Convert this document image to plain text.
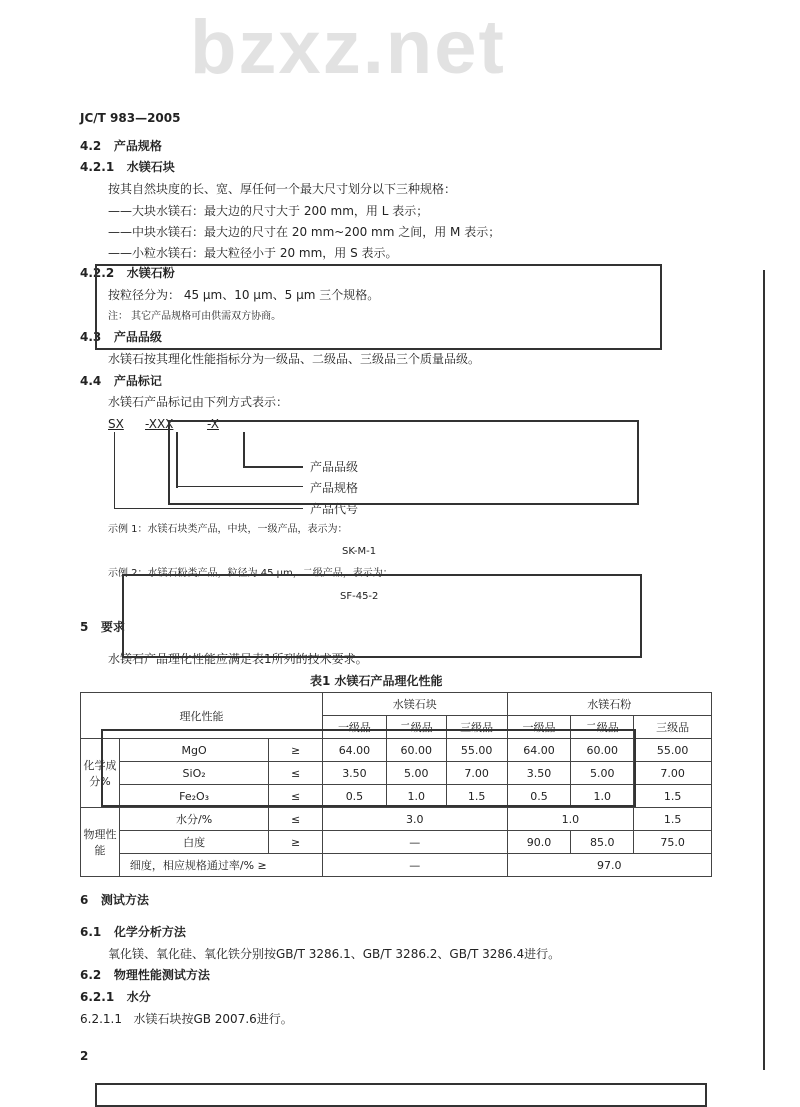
bzxz.net
JC/T 983—2005
4.2 产品规格
4.2.1 水镁石块
按其自然块度的长、宽、厚任何一个最大尺寸划分以下三种规格：
——大块水镁石：最大边的尺寸大于 200 mm，用 L 表示；
——中块水镁石：最大边的尺寸在 20 mm~200 mm 之间，用 M 表示；
——小粒水镁石：最大粒径小于 20 mm，用 S 表示。
4.2.2 水镁石粉
按粒径分为： 45 μm、10 μm、5 μm 三个规格。
注： 其它产品规格可由供需双方协商。
4.3 产品品级
水镁石按其理化性能指标分为一级品、二级品、三级品三个质量品级。
4.4 产品标记
水镁石产品标记由下列方式表示：
SX -XXX	-X
产品品级
产品规格
产品代号
示例 1：水镁石块类产品，中块，一级产品，表示为：
SK-M-1
示例 2：水镁石粉类产品，粒径为 45 μm，二级产品，表示为：
SF-45-2
5 要求
水镁石产品理化性能应满足表1所列的技术要求。
表1 水镁石产品理化性能
理化性能			水镁石块			水镁石粉		
			一级品	二级品	三级品	一级品	二级品	三级品
化学成分%	MgO	≥	64.00	60.00	55.00	64.00	60.00	55.00
	SiO₂	≤	3.50	5.00	7.00	3.50	5.00	7.00
	Fe₂O₃	≤	0.5	1.0	1.5	0.5	1.0	1.5
物理性能	水分/%	≤	3.0			1.0		1.5
	白度	≥	—			90.0	85.0	75.0
	细度，相应规格通过率/% ≥		—			97.0		
6 测试方法
6.1 化学分析方法
氧化镁、氧化硅、氧化铁分别按GB/T 3286.1、GB/T 3286.2、GB/T 3286.4进行。
6.2 物理性能测试方法
6.2.1 水分
6.2.1.1 水镁石块按GB 2007.6进行。
2
